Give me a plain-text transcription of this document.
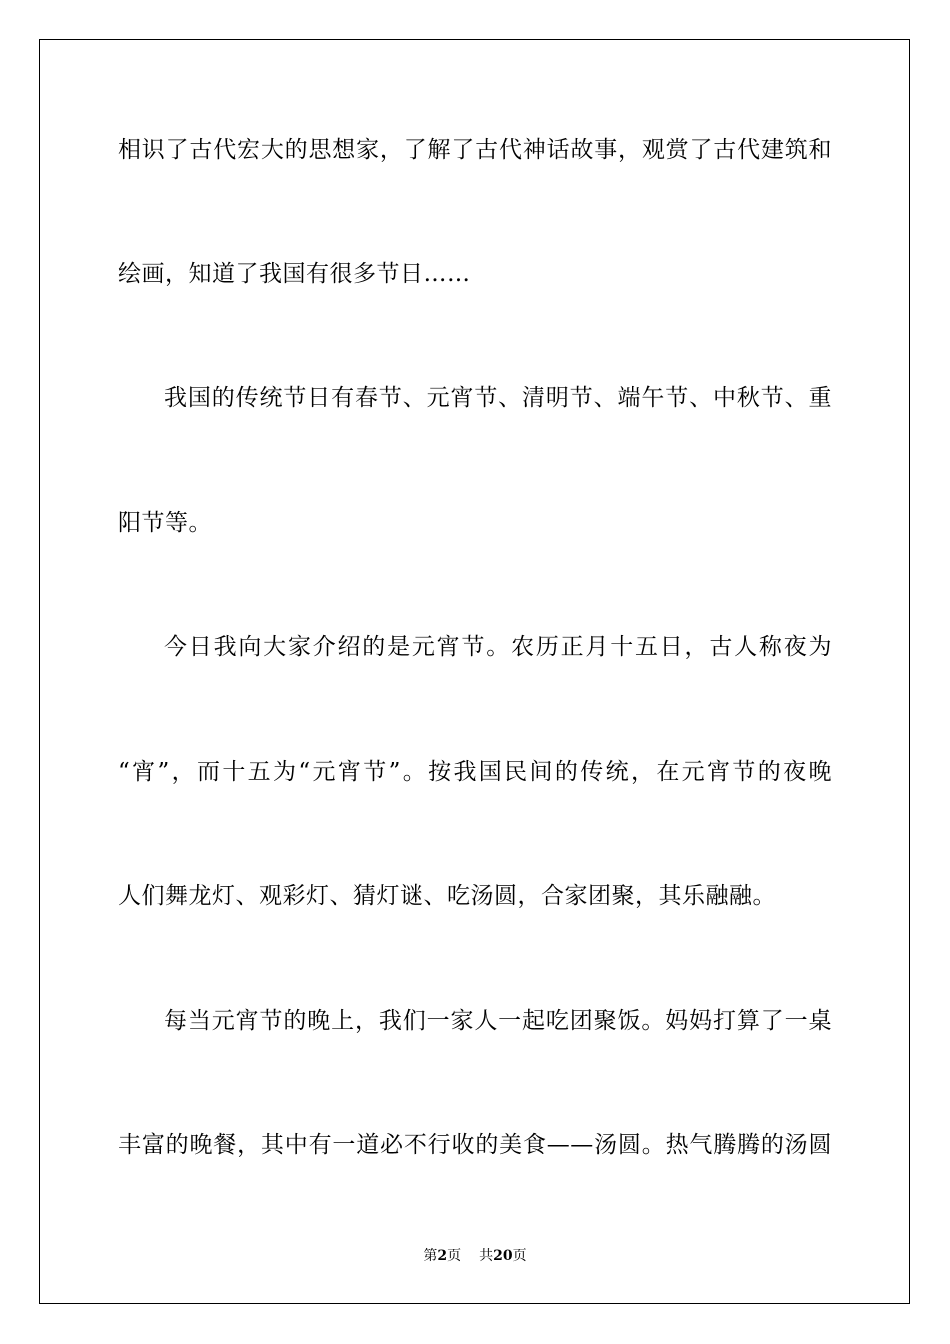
相识了古代宏大的思想家，了解了古代神话故事，观赏了古代建筑和
绘画，知道了我国有很多节日……
我国的传统节日有春节、元宵节、清明节、端午节、中秋节、重
阳节等。
今日我向大家介绍的是元宵节。农历正月十五日，古人称夜为
“宵”，而十五为“元宵节”。按我国民间的传统，在元宵节的夜晚
人们舞龙灯、观彩灯、猜灯谜、吃汤圆，合家团聚，其乐融融。
每当元宵节的晚上，我们一家人一起吃团聚饭。妈妈打算了一桌
丰富的晚餐，其中有一道必不行收的美食——汤圆。热气腾腾的汤圆
第2页 共20页
